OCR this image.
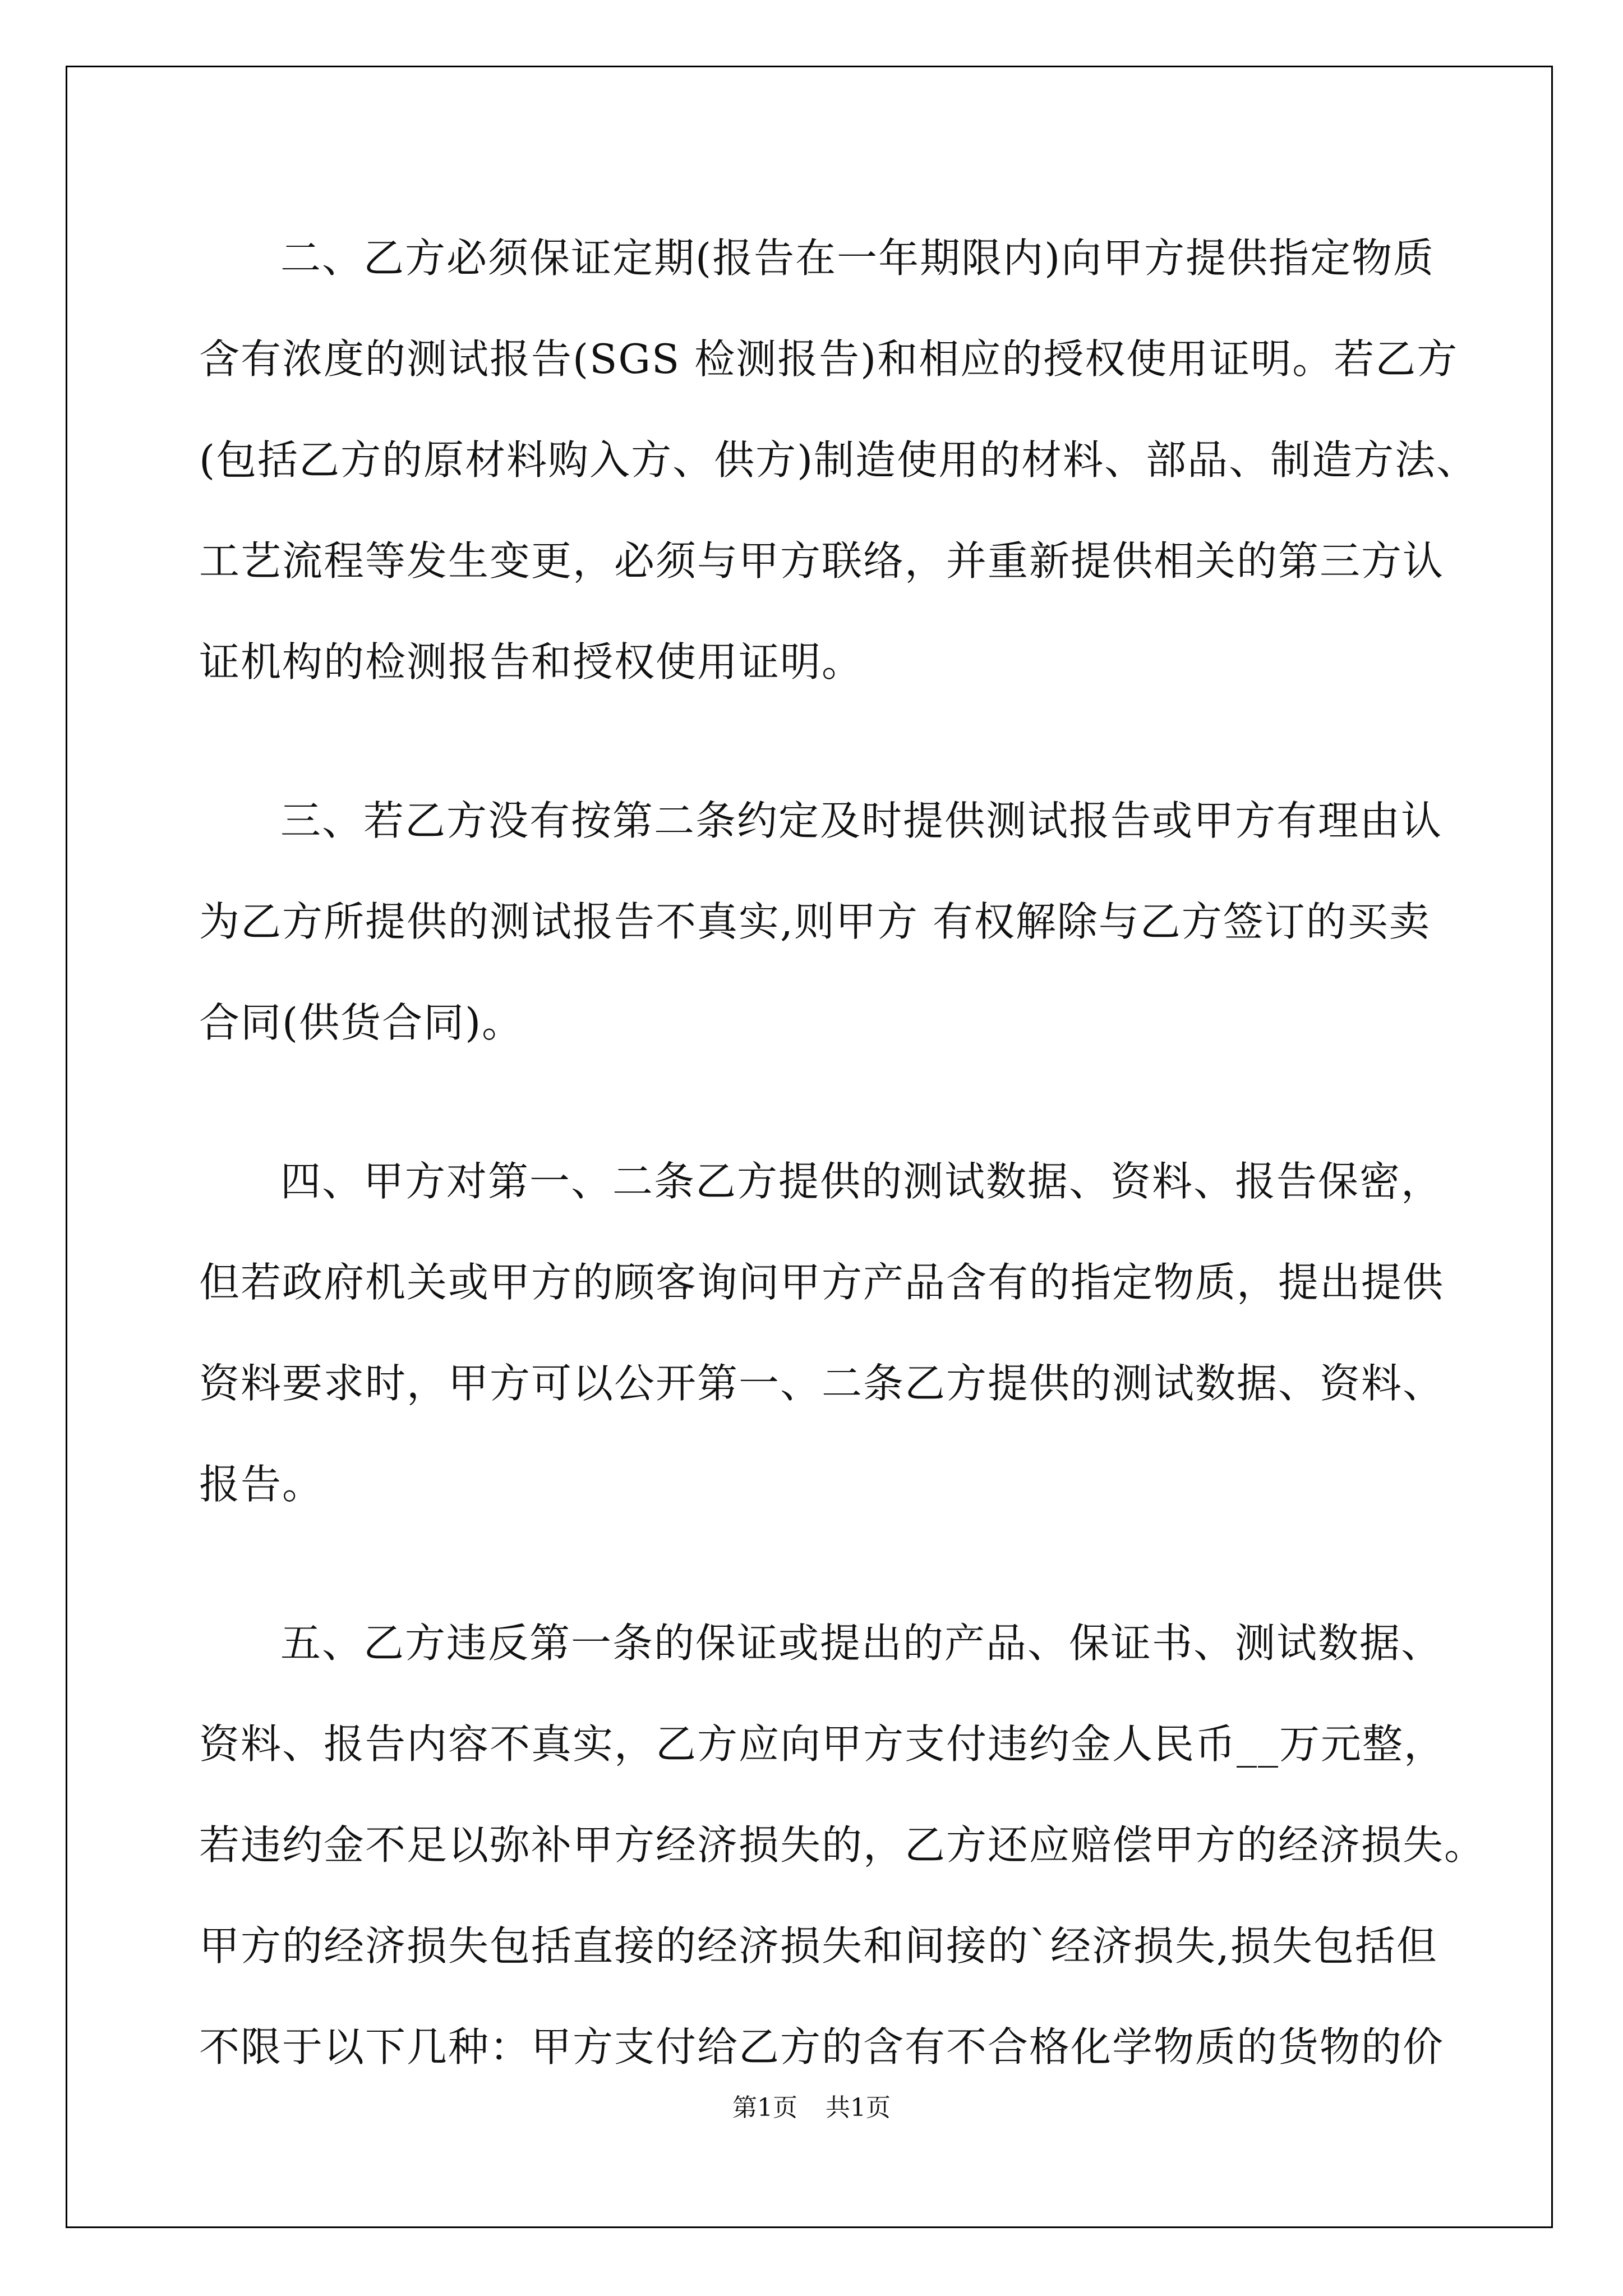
二、乙方必须保证定期(报告在一年期限内)向甲方提供指定物质
含有浓度的测试报告(SGS 检测报告)和相应的授权使用证明。若乙方
(包括乙方的原材料购入方、供方)制造使用的材料、部品、制造方法、
工艺流程等发生变更，必须与甲方联络，并重新提供相关的第三方认
证机构的检测报告和授权使用证明。
三、若乙方没有按第二条约定及时提供测试报告或甲方有理由认
为乙方所提供的测试报告不真实,则甲方 有权解除与乙方签订的买卖
合同(供货合同)。
四、甲方对第一、二条乙方提供的测试数据、资料、报告保密，
但若政府机关或甲方的顾客询问甲方产品含有的指定物质，提出提供
资料要求时，甲方可以公开第一、二条乙方提供的测试数据、资料、
报告。
五、乙方违反第一条的保证或提出的产品、保证书、测试数据、
资料、报告内容不真实，乙方应向甲方支付违约金人民币__万元整，
若违约金不足以弥补甲方经济损失的，乙方还应赔偿甲方的经济损失。
甲方的经济损失包括直接的经济损失和间接的`经济损失,损失包括但
不限于以下几种：甲方支付给乙方的含有不合格化学物质的货物的价
第1页 共1页
